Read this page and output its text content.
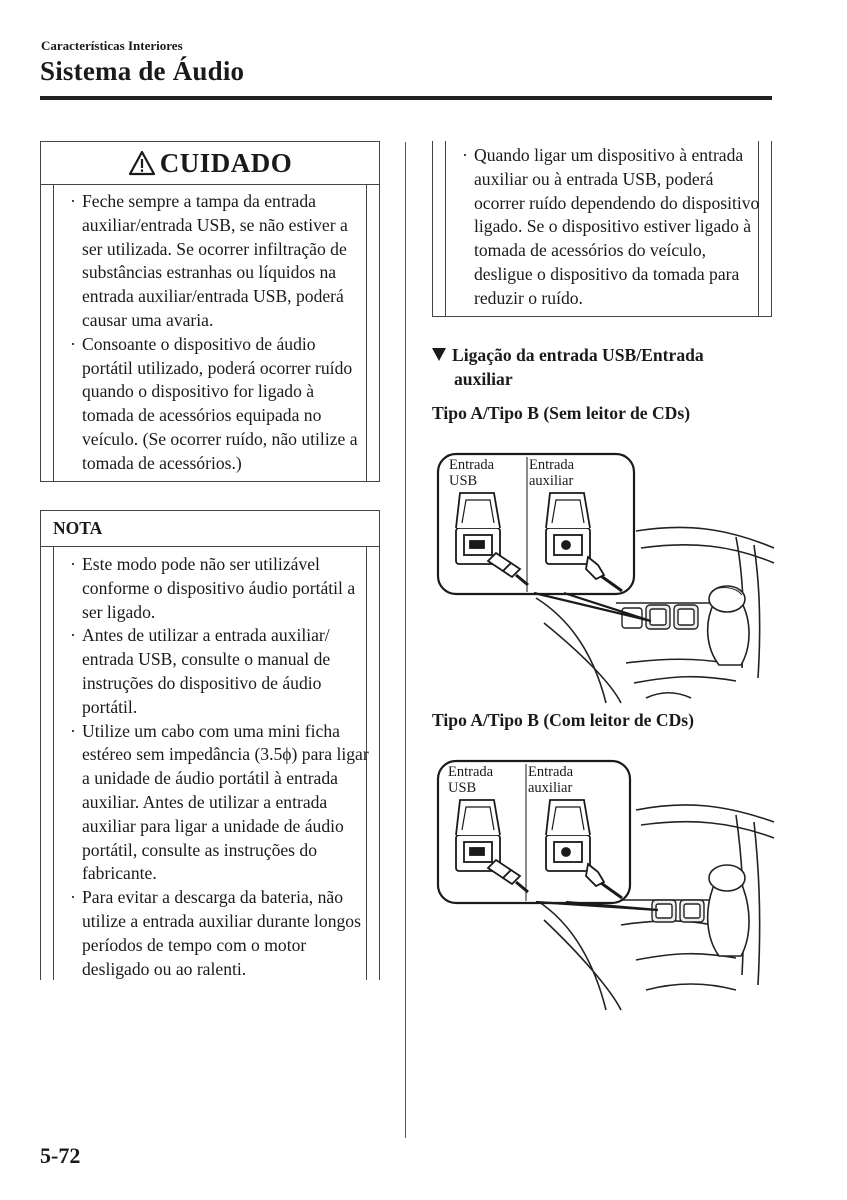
Características Interiores
Sistema de Áudio
CUIDADO
· Feche sempre a tampa da entrada auxiliar/entrada USB, se não estiver a ser utilizada. Se ocorrer infiltração de substâncias estranhas ou líquidos na entrada auxiliar/entrada USB, poderá causar uma avaria.
· Consoante o dispositivo de áudio portátil utilizado, poderá ocorrer ruído quando o dispositivo for ligado à tomada de acessórios equipada no veículo. (Se ocorrer ruído, não utilize a tomada de acessórios.)
NOTA
· Este modo pode não ser utilizável conforme o dispositivo áudio portátil a ser ligado.
· Antes de utilizar a entrada auxiliar/ entrada USB, consulte o manual de instruções do dispositivo de áudio portátil.
· Utilize um cabo com uma mini ficha estéreo sem impedância (3.5ϕ) para ligar a unidade de áudio portátil à entrada auxiliar. Antes de utilizar a entrada auxiliar para ligar a unidade de áudio portátil, consulte as instruções do fabricante.
· Para evitar a descarga da bateria, não utilize a entrada auxiliar durante longos períodos de tempo com o motor desligado ou ao ralenti.
· Quando ligar um dispositivo à entrada auxiliar ou à entrada USB, poderá ocorrer ruído dependendo do dispositivo ligado. Se o dispositivo estiver ligado à tomada de acessórios do veículo, desligue o dispositivo da tomada para reduzir o ruído.
Ligação da entrada USB/Entrada
auxiliar
Tipo A/Tipo B (Sem leitor de CDs)
Entrada
USB
Entrada
auxiliar
Tipo A/Tipo B (Com leitor de CDs)
Entrada
USB
Entrada
auxiliar
5-72
